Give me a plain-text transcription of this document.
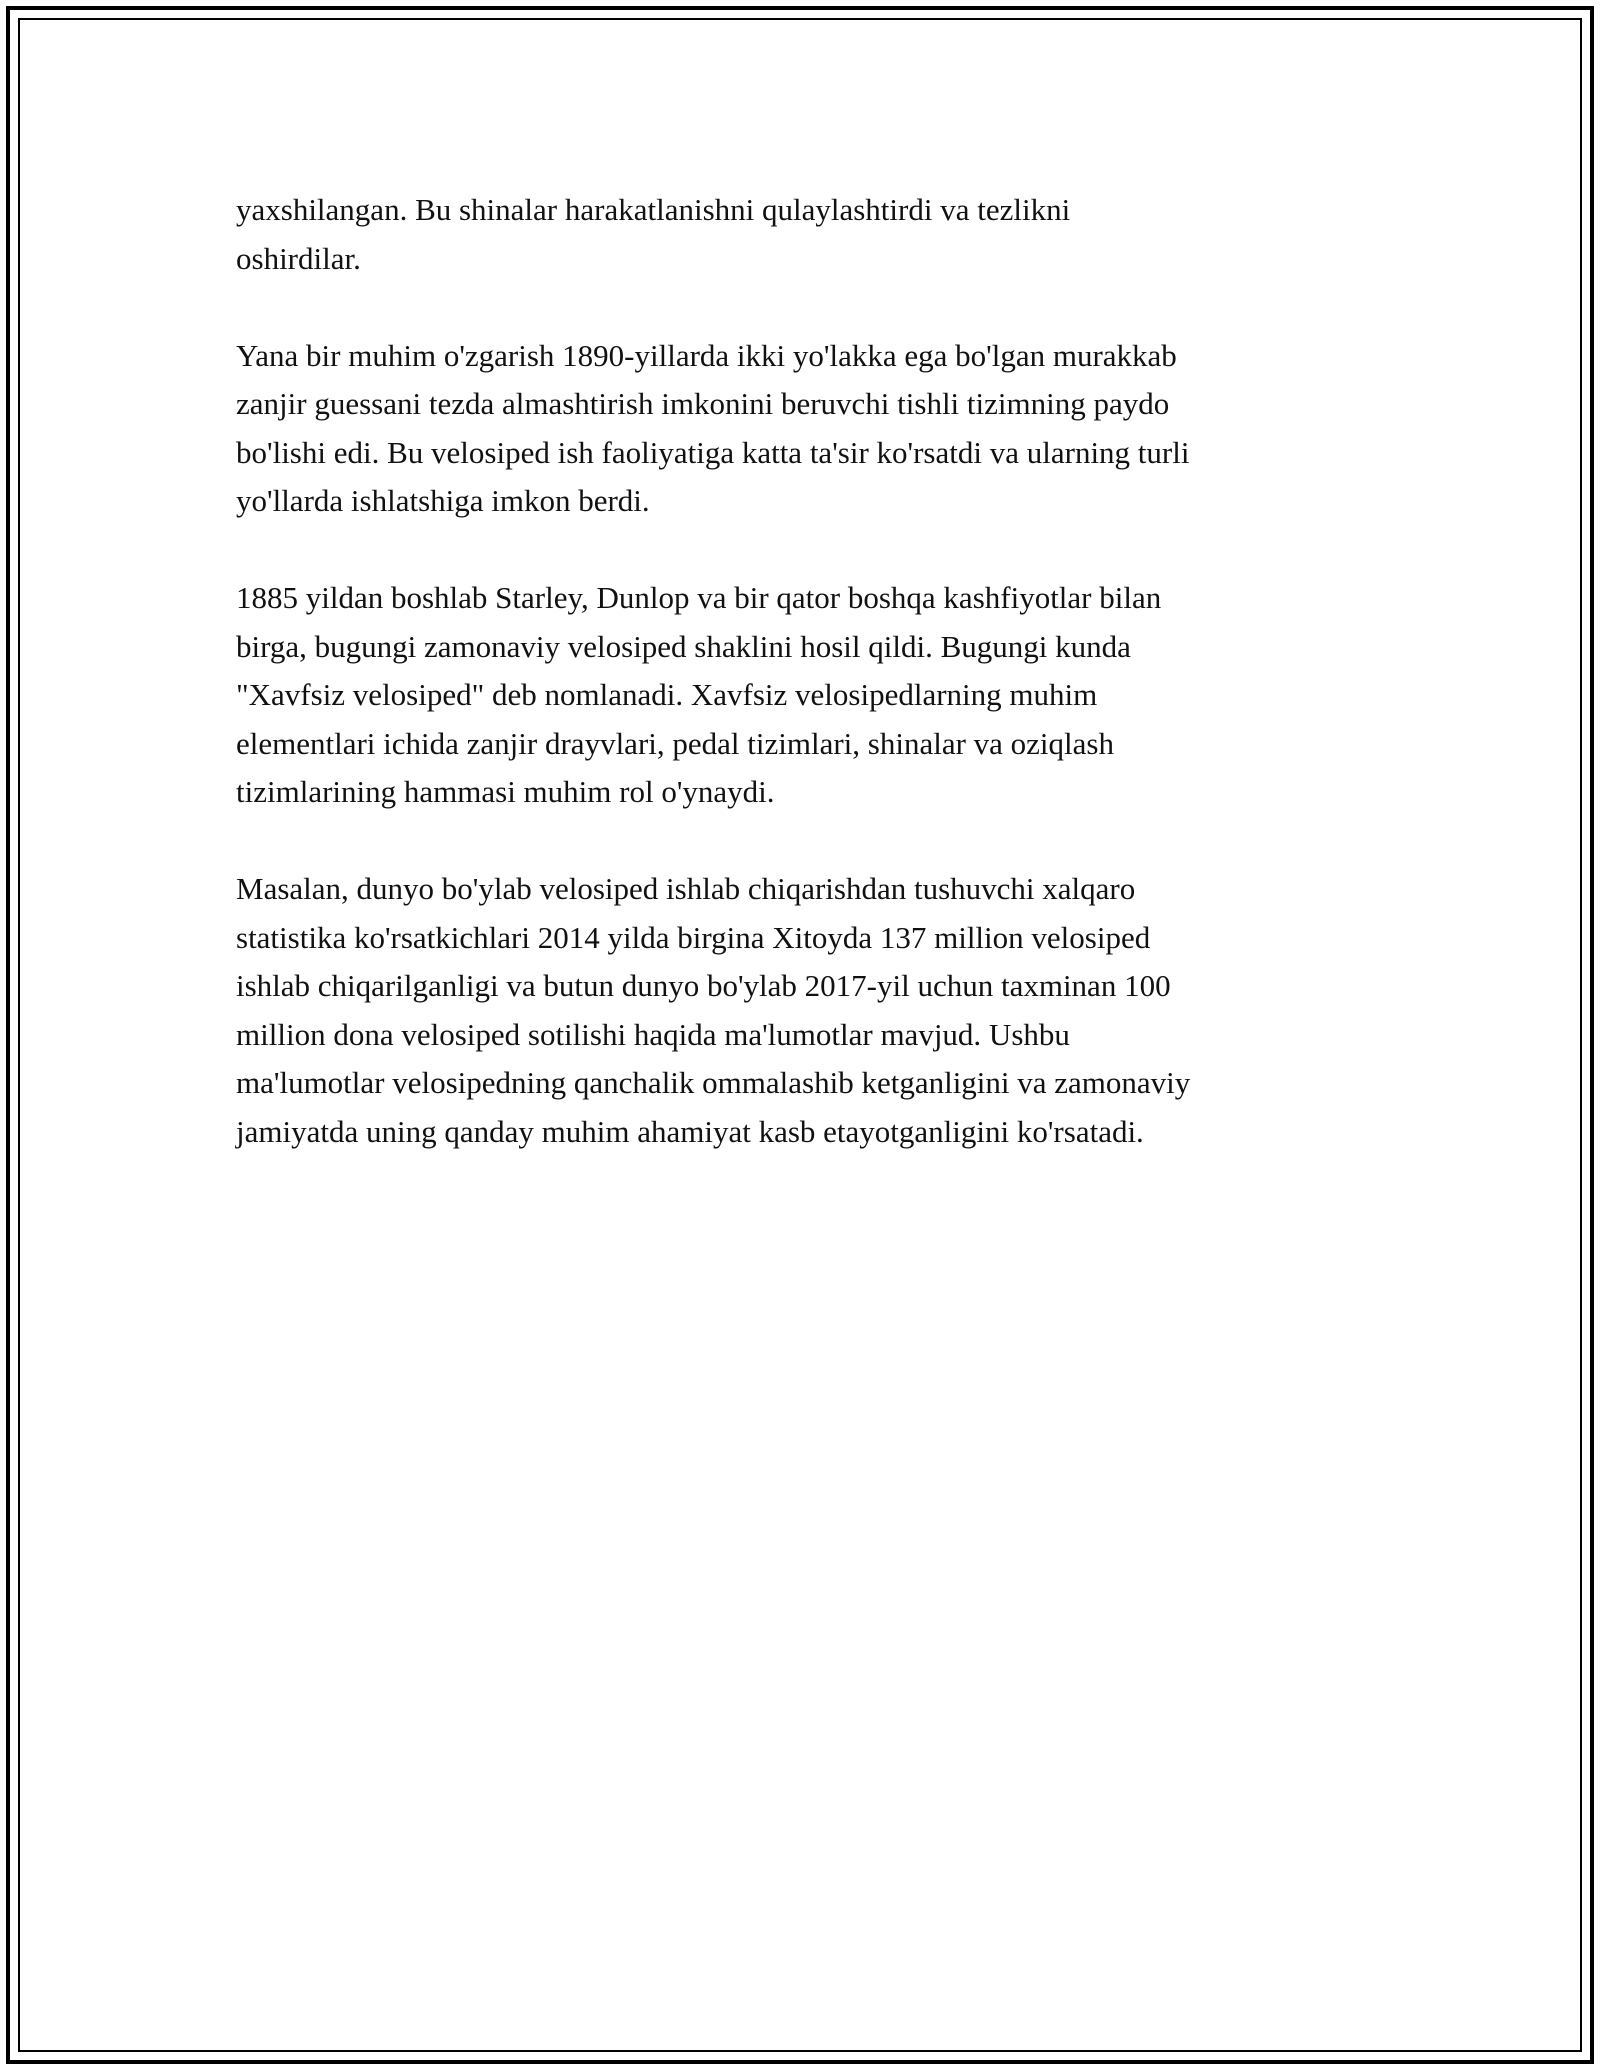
yaxshilangan. Bu shinalar harakatlanishni qulaylashtirdi va tezlikni
oshirdilar.

Yana bir muhim o'zgarish 1890-yillarda ikki yo'lakka ega bo'lgan murakkab
zanjir guessani tezda almashtirish imkonini beruvchi tishli tizimning paydo
bo'lishi edi. Bu velosiped ish faoliyatiga katta ta'sir ko'rsatdi va ularning turli
yo'llarda ishlatshiga imkon berdi.

1885 yildan boshlab Starley, Dunlop va bir qator boshqa kashfiyotlar bilan
birga, bugungi zamonaviy velosiped shaklini hosil qildi. Bugungi kunda
"Xavfsiz velosiped" deb nomlanadi. Xavfsiz velosipedlarning muhim
elementlari ichida zanjir drayvlari, pedal tizimlari, shinalar va oziqlash
tizimlarining hammasi muhim rol o'ynaydi.

Masalan, dunyo bo'ylab velosiped ishlab chiqarishdan tushuvchi xalqaro
statistika ko'rsatkichlari 2014 yilda birgina Xitoyda 137 million velosiped
ishlab chiqarilganligi va butun dunyo bo'ylab 2017-yil uchun taxminan 100
million dona velosiped sotilishi haqida ma'lumotlar mavjud. Ushbu
ma'lumotlar velosipedning qanchalik ommalashib ketganligini va zamonaviy
jamiyatda uning qanday muhim ahamiyat kasb etayotganligini ko'rsatadi.
